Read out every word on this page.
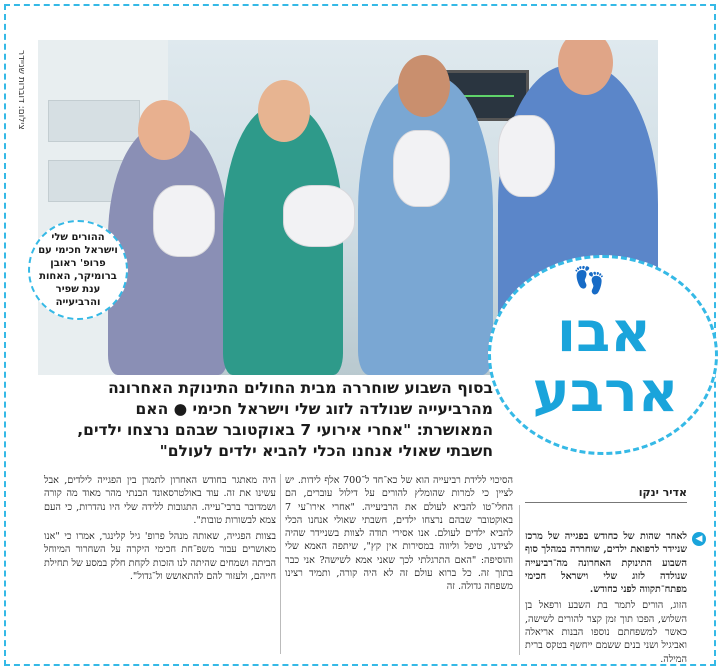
צילום: דוברות שניידר
ההורים שלי וישראל חכימי עם פרופ' ראובן ברומיקר, האחות ענת שפיר והרביעייה
👣
אבו
ארבע
בסוף השבוע שוחררה מבית החולים התינוקת האחרונה
מהרביעייה שנולדה לזוג שלי וישראל חכימי ● האם
המאושרת: "אחרי אירועי 7 באוקטובר שבהם נרצחו ילדים,
חשבתי שאולי אנחנו הכלי להביא ילדים לעולם"
אדיר ינקו
◀

לאחר שהות של כחודש בפגייה של מרכז שניידר לרפואת ילדים, שוחררה במהלך סוף השבוע התינוקת האחרונה מה־רביעייה שנולדה לזוג שלי וישראל חכימי מפתח־תקווה לפני כחודש.

הזוג, הורים לתמר בת השבע ורפאל בן השלוש, הפכו תוך זמן קצר להורים לשישה, כאשר למשפחתם נוספו הבנות אריאלה ואביגיל ושני בנים ששמם ייחשף בטקס ברית המילה.

הסיכוי ללידת רביעייה הוא של כא־חד ל־700 אלף לידות. יש לציין כי למרות שהומלץ להורים על דילול עוברים, הם החלי־טו להביא לעולם את הרביעייה. "אחרי אירו־עי 7 באוקטובר שבהם נרצחו ילדים, חשבתי שאולי אנחנו הכלי להביא ילדים לעולם. אנו אסירי תודה לצוות בשניידר שהיה לצידנו, טיפל וליווה במסירות אין קץ", שיתפה האמא שלי והוסיפה: "האם התרגלתי לכך שאני אמא לשישה? אני כבר בתוך זה. כל ברוא עולם זה לא היה קורה, ותמיד רצינו משפחה גדולה. זה

היה מאתגר בחודש האחרון לתמרן בין הפגייה לילדים, אבל עשינו את זה. עוד באולטרסאונד הבנתי מהר מאוד מה קורה ושמדובר ברבי־עייה. התגובות ללידה שלי היו נהדרות, כי העם צמא לבשורות טובות".

בצוות הפגייה, שאותה מנהל פרופ' גיל קלינגר, אמרו כי "אנו מאושרים עבור משפ־חת חכימי היקרה על השחרור המיוחל הביתה ושמחים שהיתה לנו הזכות לקחת חלק במסע של תחילת חייהם, ולעזור להם להתאושש ול־גדול".
